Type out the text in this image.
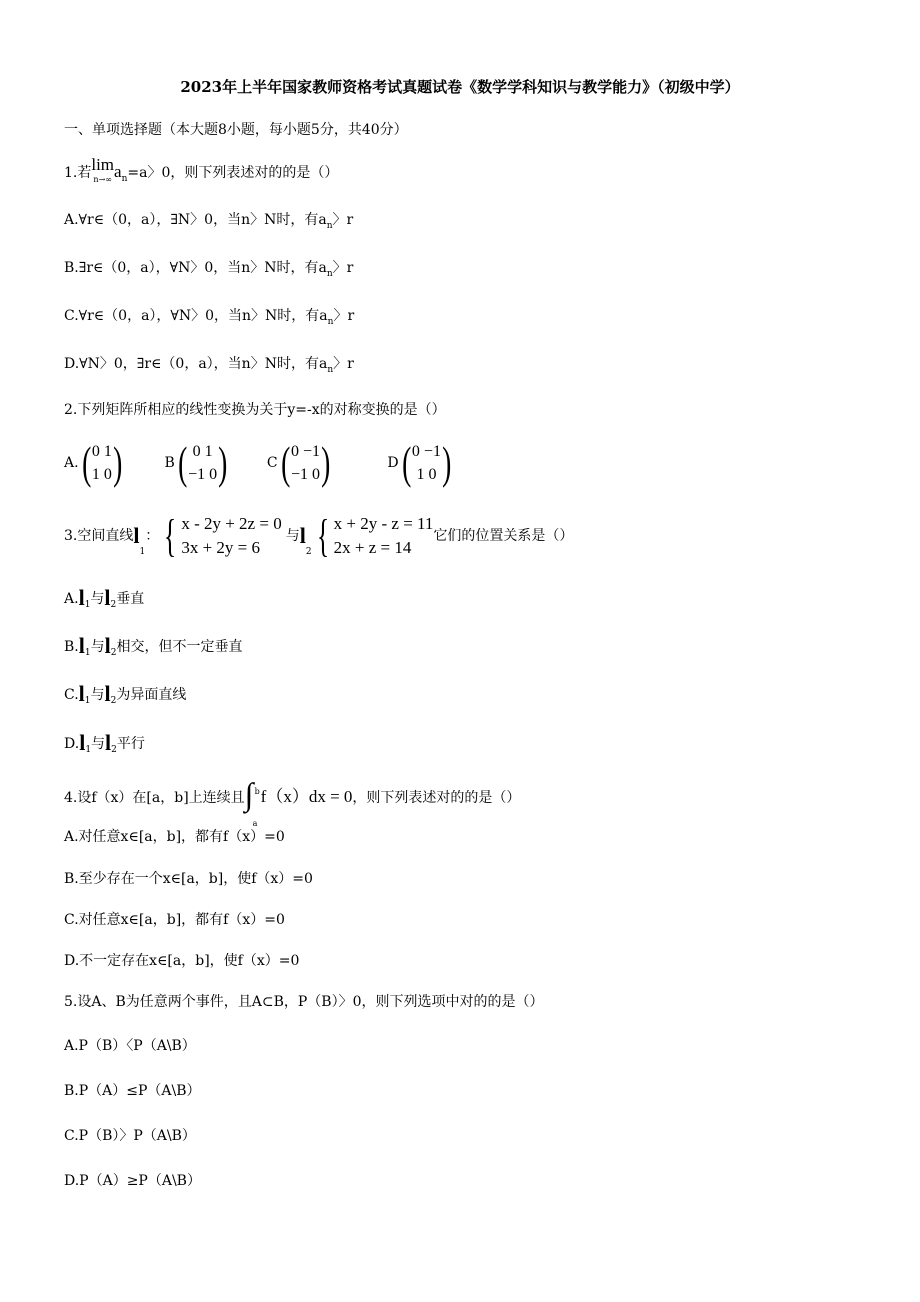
2023年上半年国家教师资格考试真题试卷《数学学科知识与教学能力》（初级中学）
一、单项选择题（本大题8小题，每小题5分，共40分）
1.若 lim
n→∞ $a_n=a$〉0，则下列表述对的的是（）
A.∀r∈（0，a），∃N〉0，当n〉N时，有$a_n$〉r
B.∃r∈（0，a），∀N〉0，当n〉N时，有$a_n$〉r
C.∀r∈（0，a），∀N〉0，当n〉N时，有$a_n$〉r
D.∀N〉0，∃r∈（0，a），当n〉N时，有$a_n$〉r
2.下列矩阵所相应的线性变换为关于y=-x的对称变换的是（）
A. ( 0 1
1 0 )	B ( 0 1
−1 0 )	C ( 0 −1
−1 0 )	D ( 0 −1
1 0 )
3.空间直线$l_1$： { x - 2y + 2z = 0
3x + 2y = 6
与$l_2$ { x + 2y - z = 11
2x + z = 14
它们的位置关系是（）
$A.l_1$与$l_2$垂直
$B.l_1$与$l_2$相交，但不一定垂直
$C.l_1$与$l_2$为异面直线
$D.l_1$与$l_2$平行
4.设f（x）在[a，b]上连续且 ∫ b
a
f（x）dx = 0，则下列表述对的的是（）
A.对任意x∈[a，b]，都有f（x）=0
B.至少存在一个x∈[a，b]，使f（x）=0
C.对任意x∈[a，b]，都有f（x）=0
D.不一定存在x∈[a，b]，使f（x）=0
5.设A、B为任意两个事件，且A⊂B，P（B）〉0，则下列选项中对的的是（）
A.P（B）〈P（A\B）
B.P（A）≤P（A\B）
C.P（B）〉P（A\B）
D.P（A）≥P（A\B）
